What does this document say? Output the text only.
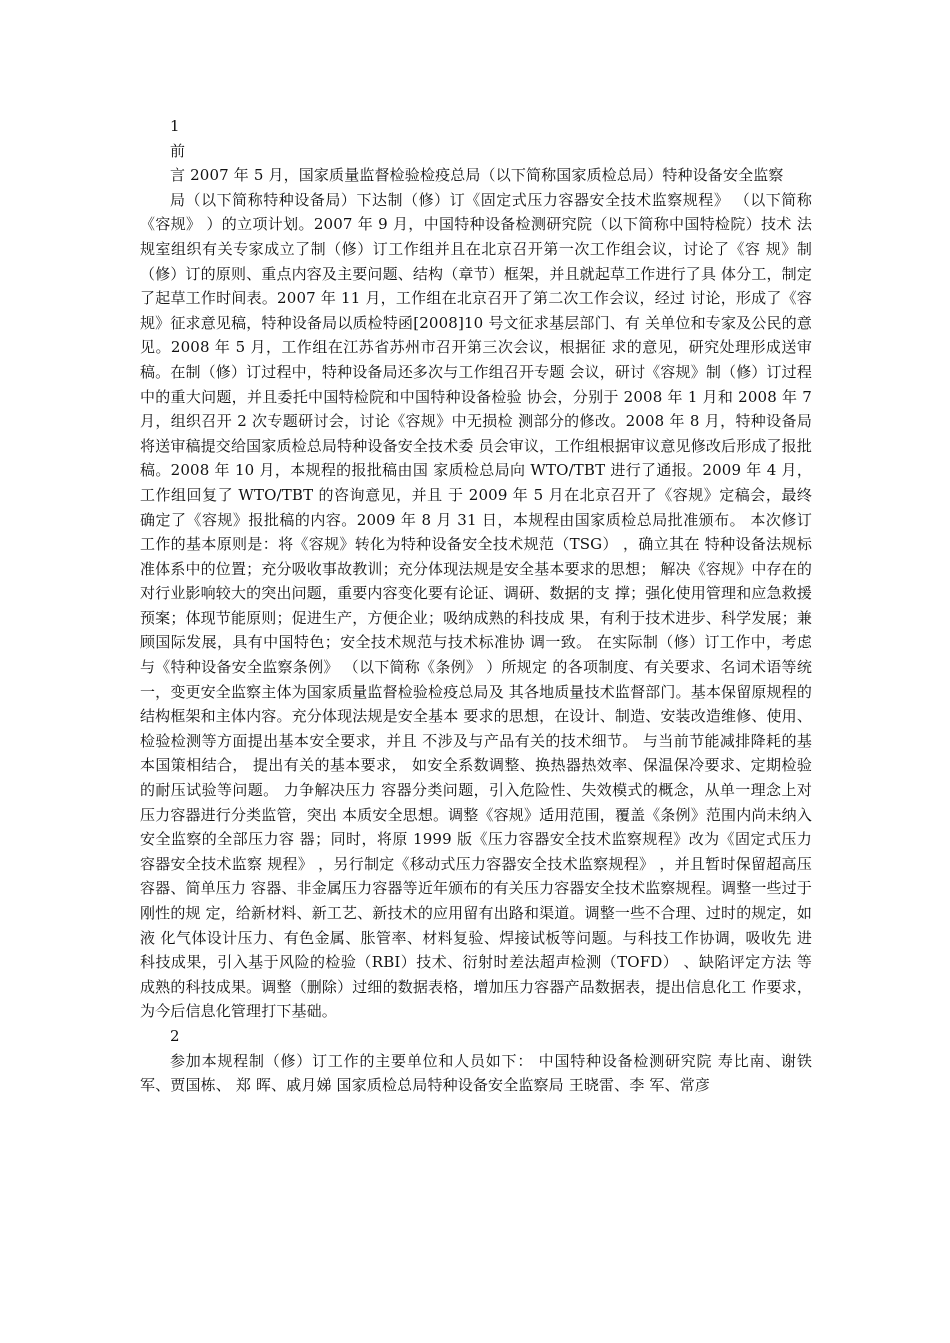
1

前

言 2007 年 5 月，国家质量监督检验检疫总局（以下简称国家质检总局）特种设备安全监察

局（以下简称特种设备局）下达制（修）订《固定式压力容器安全技术监察规程》 （以下简称 《容规》 ）的立项计划。2007 年 9 月，中国特种设备检测研究院（以下简称中国特检院）技术 法规室组织有关专家成立了制（修）订工作组并且在北京召开第一次工作组会议，讨论了《容 规》制（修）订的原则、重点内容及主要问题、结构（章节）框架，并且就起草工作进行了具 体分工，制定了起草工作时间表。2007 年 11 月，工作组在北京召开了第二次工作会议，经过 讨论，形成了《容规》征求意见稿，特种设备局以质检特函[2008]10 号文征求基层部门、有 关单位和专家及公民的意见。2008 年 5 月，工作组在江苏省苏州市召开第三次会议，根据征 求的意见，研究处理形成送审稿。在制（修）订过程中，特种设备局还多次与工作组召开专题 会议，研讨《容规》制（修）订过程中的重大问题，并且委托中国特检院和中国特种设备检验 协会，分别于 2008 年 1 月和 2008 年 7 月，组织召开 2 次专题研讨会，讨论《容规》中无损检 测部分的修改。2008 年 8 月，特种设备局将送审稿提交给国家质检总局特种设备安全技术委 员会审议，工作组根据审议意见修改后形成了报批稿。2008 年 10 月，本规程的报批稿由国 家质检总局向 WTO/TBT 进行了通报。2009 年 4 月，工作组回复了 WTO/TBT 的咨询意见，并且 于 2009 年 5 月在北京召开了《容规》定稿会，最终确定了《容规》报批稿的内容。2009 年 8 月 31 日，本规程由国家质检总局批准颁布。 本次修订工作的基本原则是：将《容规》转化为特种设备安全技术规范（TSG） ，确立其在 特种设备法规标准体系中的位置；充分吸收事故教训；充分体现法规是安全基本要求的思想； 解决《容规》中存在的对行业影响较大的突出问题，重要内容变化要有论证、调研、数据的支 撑；强化使用管理和应急救援预案；体现节能原则；促进生产，方便企业；吸纳成熟的科技成 果，有利于技术进步、科学发展；兼顾国际发展，具有中国特色；安全技术规范与技术标准协 调一致。 在实际制（修）订工作中，考虑与《特种设备安全监察条例》 （以下简称《条例》 ）所规定 的各项制度、有关要求、名词术语等统一，变更安全监察主体为国家质量监督检验检疫总局及 其各地质量技术监督部门。基本保留原规程的结构框架和主体内容。充分体现法规是安全基本 要求的思想，在设计、制造、安装改造维修、使用、检验检测等方面提出基本安全要求，并且 不涉及与产品有关的技术细节。 与当前节能减排降耗的基本国策相结合， 提出有关的基本要求， 如安全系数调整、换热器热效率、保温保冷要求、定期检验的耐压试验等问题。 力争解决压力 容器分类问题，引入危险性、失效模式的概念，从单一理念上对压力容器进行分类监管，突出 本质安全思想。调整《容规》适用范围，覆盖《条例》范围内尚未纳入安全监察的全部压力容 器；同时，将原 1999 版《压力容器安全技术监察规程》改为《固定式压力容器安全技术监察 规程》 ，另行制定《移动式压力容器安全技术监察规程》 ，并且暂时保留超高压容器、简单压力 容器、非金属压力容器等近年颁布的有关压力容器安全技术监察规程。调整一些过于刚性的规 定，给新材料、新工艺、新技术的应用留有出路和渠道。调整一些不合理、过时的规定，如液 化气体设计压力、有色金属、胀管率、材料复验、焊接试板等问题。与科技工作协调，吸收先 进科技成果，引入基于风险的检验（RBI）技术、衍射时差法超声检测（TOFD） 、缺陷评定方法 等成熟的科技成果。调整（删除）过细的数据表格，增加压力容器产品数据表，提出信息化工 作要求，为今后信息化管理打下基础。

2

参加本规程制（修）订工作的主要单位和人员如下： 中国特种设备检测研究院 寿比南、谢铁军、贾国栋、 郑 晖、戚月娣 国家质检总局特种设备安全监察局 王晓雷、李 军、常彦
